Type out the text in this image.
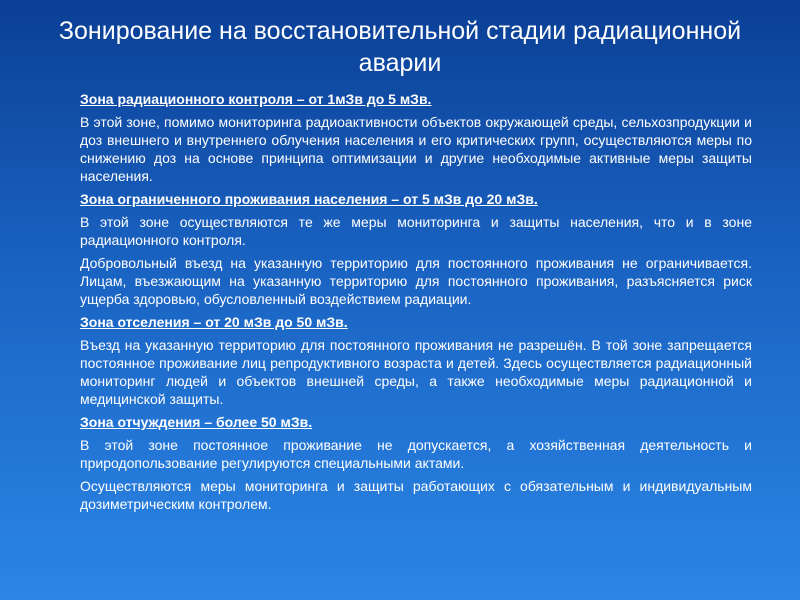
Зонирование на восстановительной стадии радиационной аварии

Зона радиационного контроля – от 1мЗв до 5 мЗв.

В этой зоне, помимо мониторинга радиоактивности объектов окружающей среды, сельхозпродукции и доз внешнего и внутреннего облучения населения и его критических групп, осуществляются меры по снижению доз на основе принципа оптимизации и другие необходимые активные меры защиты населения.

Зона ограниченного проживания населения – от 5 мЗв до 20 мЗв.

В этой зоне осуществляются те же меры мониторинга и защиты населения, что и в зоне радиационного контроля.

Добровольный въезд на указанную территорию для постоянного проживания не ограничивается. Лицам, въезжающим на указанную территорию для постоянного проживания, разъясняется риск ущерба здоровью, обусловленный воздействием радиации.

Зона отселения – от 20 мЗв до 50 мЗв.

Въезд на указанную территорию для постоянного проживания не разрешён. В той зоне запрещается постоянное проживание лиц репродуктивного возраста и детей. Здесь осуществляется радиационный мониторинг людей и объектов внешней среды, а также необходимые меры радиационной и медицинской защиты.

Зона отчуждения – более 50 мЗв.

В этой зоне постоянное проживание не допускается, а хозяйственная деятельность и природопользование регулируются специальными актами.

Осуществляются меры мониторинга и защиты работающих с обязательным и индивидуальным дозиметрическим контролем.
